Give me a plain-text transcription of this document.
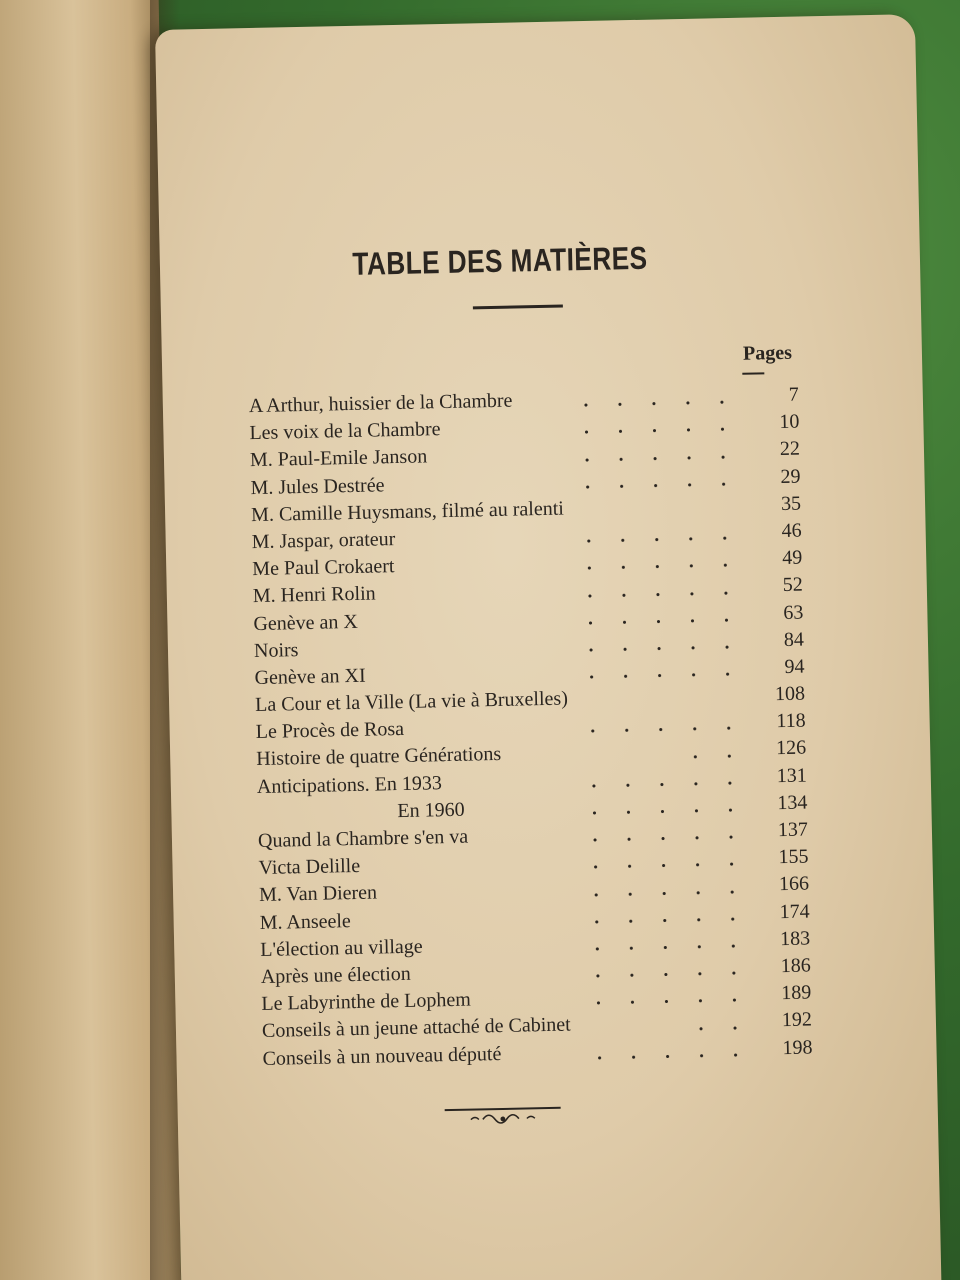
TABLE DES MATIÈRES
Pages
A Arthur, huissier de la Chambre	7
Les voix de la Chambre	10
M. Paul-Emile Janson	22
M. Jules Destrée	29
M. Camille Huysmans, filmé au ralenti	35
M. Jaspar, orateur	46
Me Paul Crokaert	49
M. Henri Rolin	52
Genève an X	63
Noirs	84
Genève an XI	94
La Cour et la Ville (La vie à Bruxelles)	108
Le Procès de Rosa	118
Histoire de quatre Générations	126
Anticipations. En 1933	131
En 1960	134
Quand la Chambre s'en va	137
Victa Delille	155
M. Van Dieren	166
M. Anseele	174
L'élection au village	183
Après une élection	186
Le Labyrinthe de Lophem	189
Conseils à un jeune attaché de Cabinet	192
Conseils à un nouveau député	198
